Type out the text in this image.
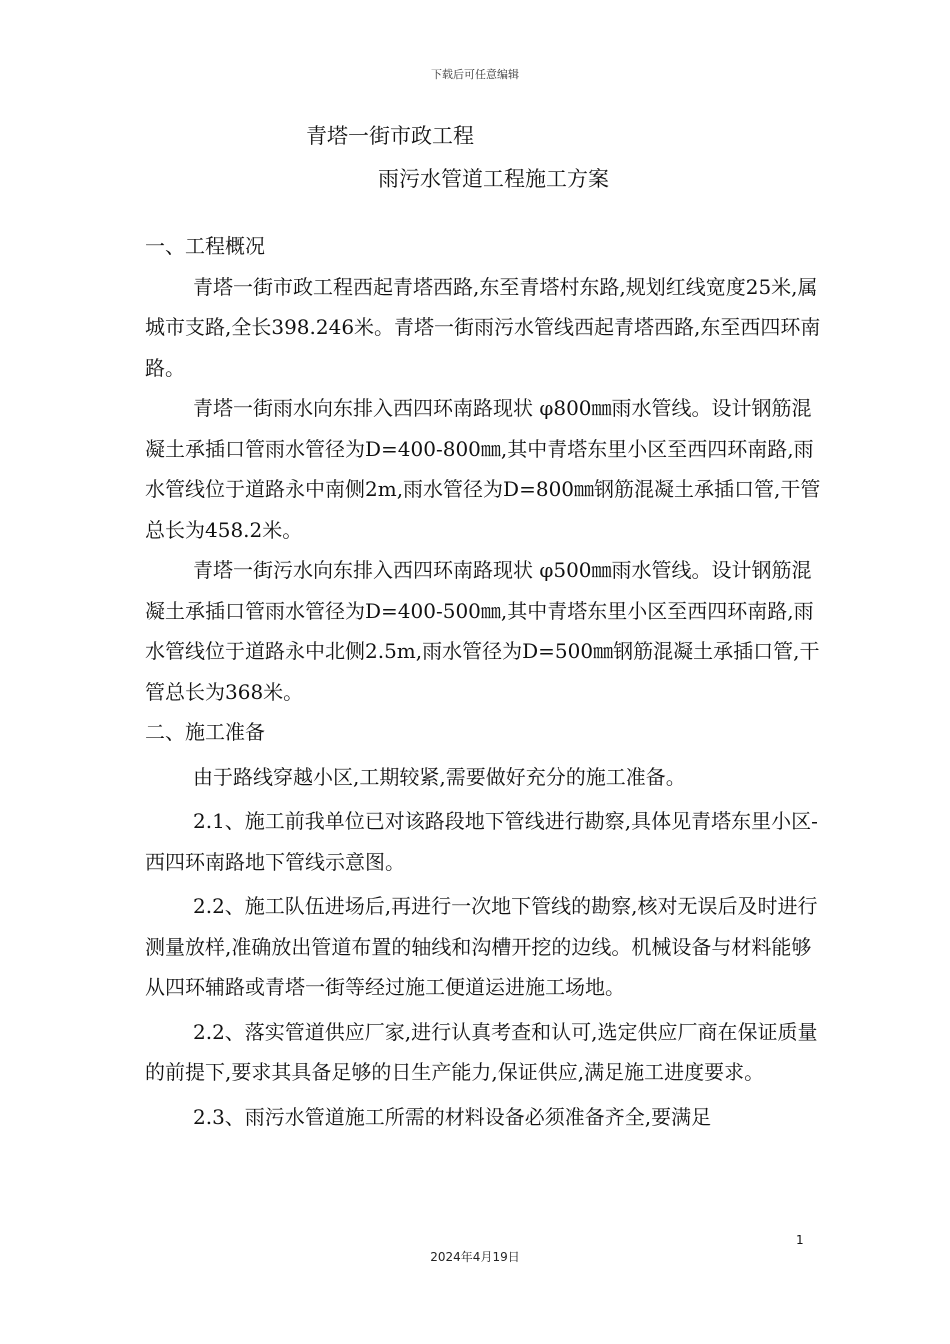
下载后可任意编辑
青塔一街市政工程
雨污水管道工程施工方案

一、工程概况

青塔一街市政工程西起青塔西路,东至青塔村东路,规划红线宽度25米,属城市支路,全长398.246米。青塔一街雨污水管线西起青塔西路,东至西四环南路。

青塔一街雨水向东排入西四环南路现状 φ800㎜雨水管线。设计钢筋混凝土承插口管雨水管径为D=400-800㎜,其中青塔东里小区至西四环南路,雨水管线位于道路永中南侧2m,雨水管径为D=800㎜钢筋混凝土承插口管,干管总长为458.2米。

青塔一街污水向东排入西四环南路现状 φ500㎜雨水管线。设计钢筋混凝土承插口管雨水管径为D=400-500㎜,其中青塔东里小区至西四环南路,雨水管线位于道路永中北侧2.5m,雨水管径为D=500㎜钢筋混凝土承插口管,干管总长为368米。

二、施工准备

由于路线穿越小区,工期较紧,需要做好充分的施工准备。

2.1、施工前我单位已对该路段地下管线进行勘察,具体见青塔东里小区-西四环南路地下管线示意图。

2.2、施工队伍进场后,再进行一次地下管线的勘察,核对无误后及时进行测量放样,准确放出管道布置的轴线和沟槽开挖的边线。机械设备与材料能够从四环辅路或青塔一街等经过施工便道运进施工场地。

2.2、落实管道供应厂家,进行认真考查和认可,选定供应厂商在保证质量的前提下,要求其具备足够的日生产能力,保证供应,满足施工进度要求。

2.3、雨污水管道施工所需的材料设备必须准备齐全,要满足

1
2024年4月19日
